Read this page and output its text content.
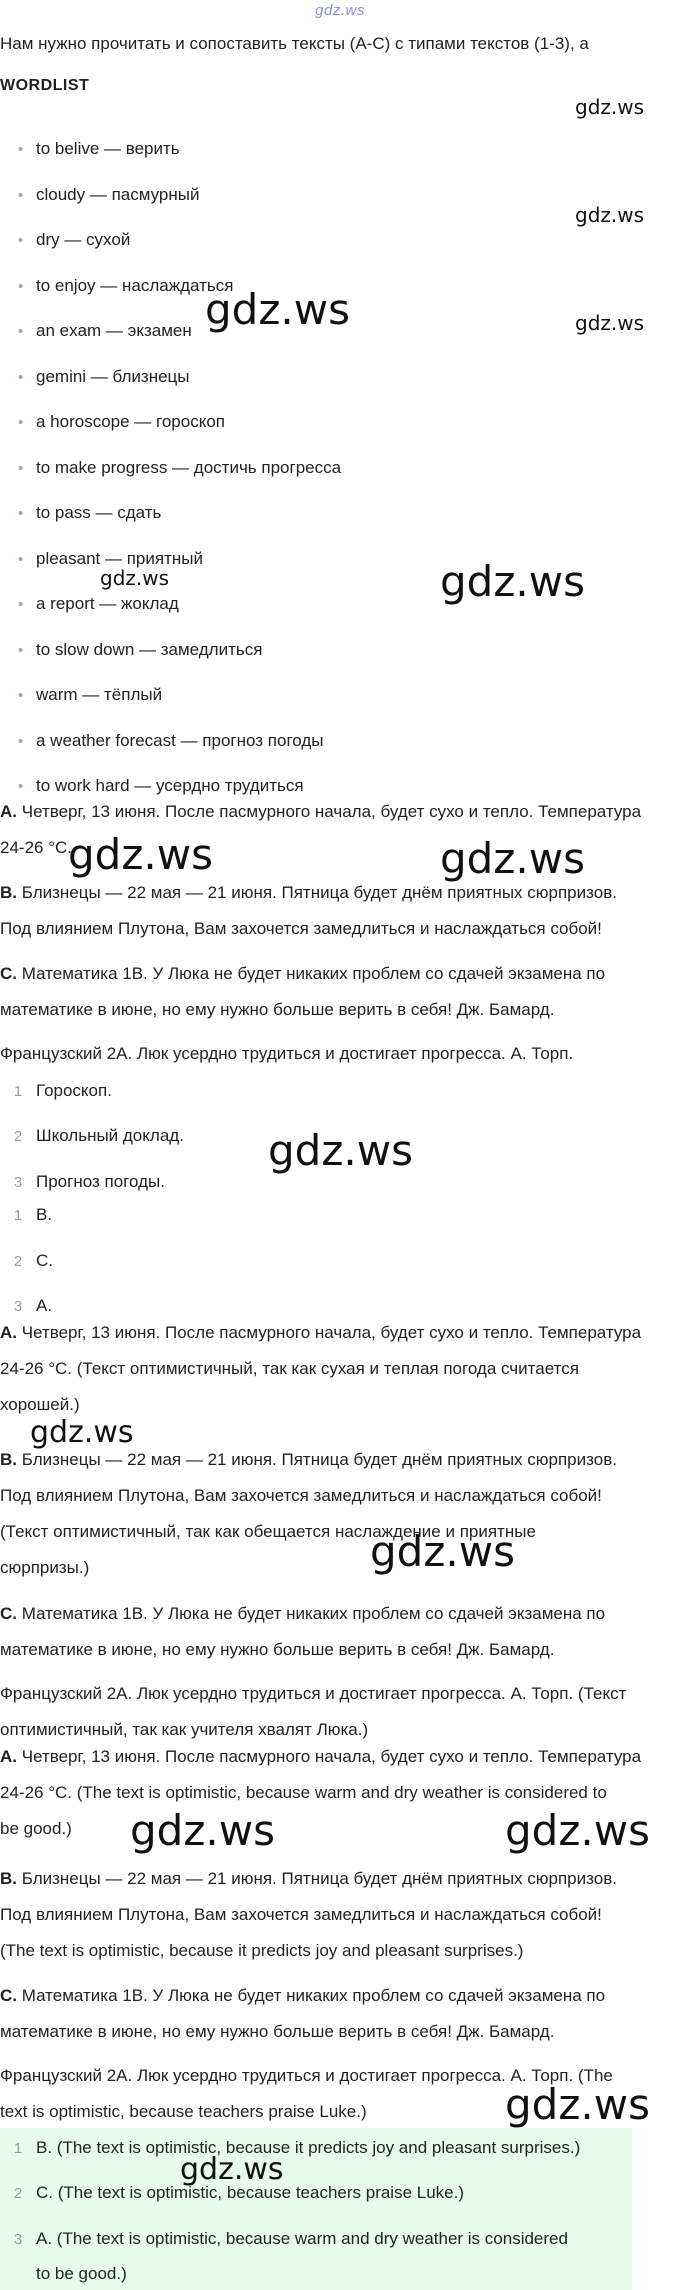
gdz.ws

Нам нужно прочитать и сопоставить тексты (A-C) с типами текстов (1-3), а

WORDLIST
• to belive — верить
• cloudy — пасмурный
• dry — сухой
• to enjoy — наслаждаться
• an exam — экзамен
• gemini — близнецы
• a horoscope — гороскоп
• to make progress — достичь прогресса
• to pass — сдать
• pleasant — приятный
• a report — жоклад
• to slow down — замедлиться
• warm — тёплый
• a weather forecast — прогноз погоды
• to work hard — усердно трудиться

A. Четверг, 13 июня. После пасмурного начала, будет сухо и тепло. Температура

24-26 °C.

B. Близнецы — 22 мая — 21 июня. Пятница будет днём приятных сюрпризов.

Под влиянием Плутона, Вам захочется замедлиться и наслаждаться собой!

C. Математика 1B. У Люка не будет никаких проблем со сдачей экзамена по

математике в июне, но ему нужно больше верить в себя! Дж. Бамард.

Французский 2A. Люк усердно трудиться и достигает прогресса. А. Торп.

1 Гороскоп.
2 Школьный доклад.
3 Прогноз погоды.
1 B.
2 C.
3 A.

A. Четверг, 13 июня. После пасмурного начала, будет сухо и тепло. Температура

24-26 °C. (Текст оптимистичный, так как сухая и теплая погода считается

хорошей.)

B. Близнецы — 22 мая — 21 июня. Пятница будет днём приятных сюрпризов.

Под влиянием Плутона, Вам захочется замедлиться и наслаждаться собой!

(Текст оптимистичный, так как обещается наслаждение и приятные

сюрпризы.)

C. Математика 1B. У Люка не будет никаких проблем со сдачей экзамена по

математике в июне, но ему нужно больше верить в себя! Дж. Бамард.

Французский 2A. Люк усердно трудиться и достигает прогресса. А. Торп. (Текст

оптимистичный, так как учителя хвалят Люка.)

A. Четверг, 13 июня. После пасмурного начала, будет сухо и тепло. Температура

24-26 °C. (The text is optimistic, because warm and dry weather is considered to

be good.)

B. Близнецы — 22 мая — 21 июня. Пятница будет днём приятных сюрпризов.

Под влиянием Плутона, Вам захочется замедлиться и наслаждаться собой!

(The text is optimistic, because it predicts joy and pleasant surprises.)

C. Математика 1B. У Люка не будет никаких проблем со сдачей экзамена по

математике в июне, но ему нужно больше верить в себя! Дж. Бамард.

Французский 2A. Люк усердно трудиться и достигает прогресса. А. Торп. (The

text is optimistic, because teachers praise Luke.)

1 B. (The text is optimistic, because it predicts joy and pleasant surprises.)
2 C. (The text is optimistic, because teachers praise Luke.)
3 A. (The text is optimistic, because warm and dry weather is considered
to be good.)
gdz.ws
gdz.ws
gdz.ws
gdz.ws
gdz.ws	gdz.ws
gdz.ws	gdz.ws
gdz.ws
gdz.ws
gdz.ws
gdz.ws	gdz.ws
gdz.ws
gdz.ws
